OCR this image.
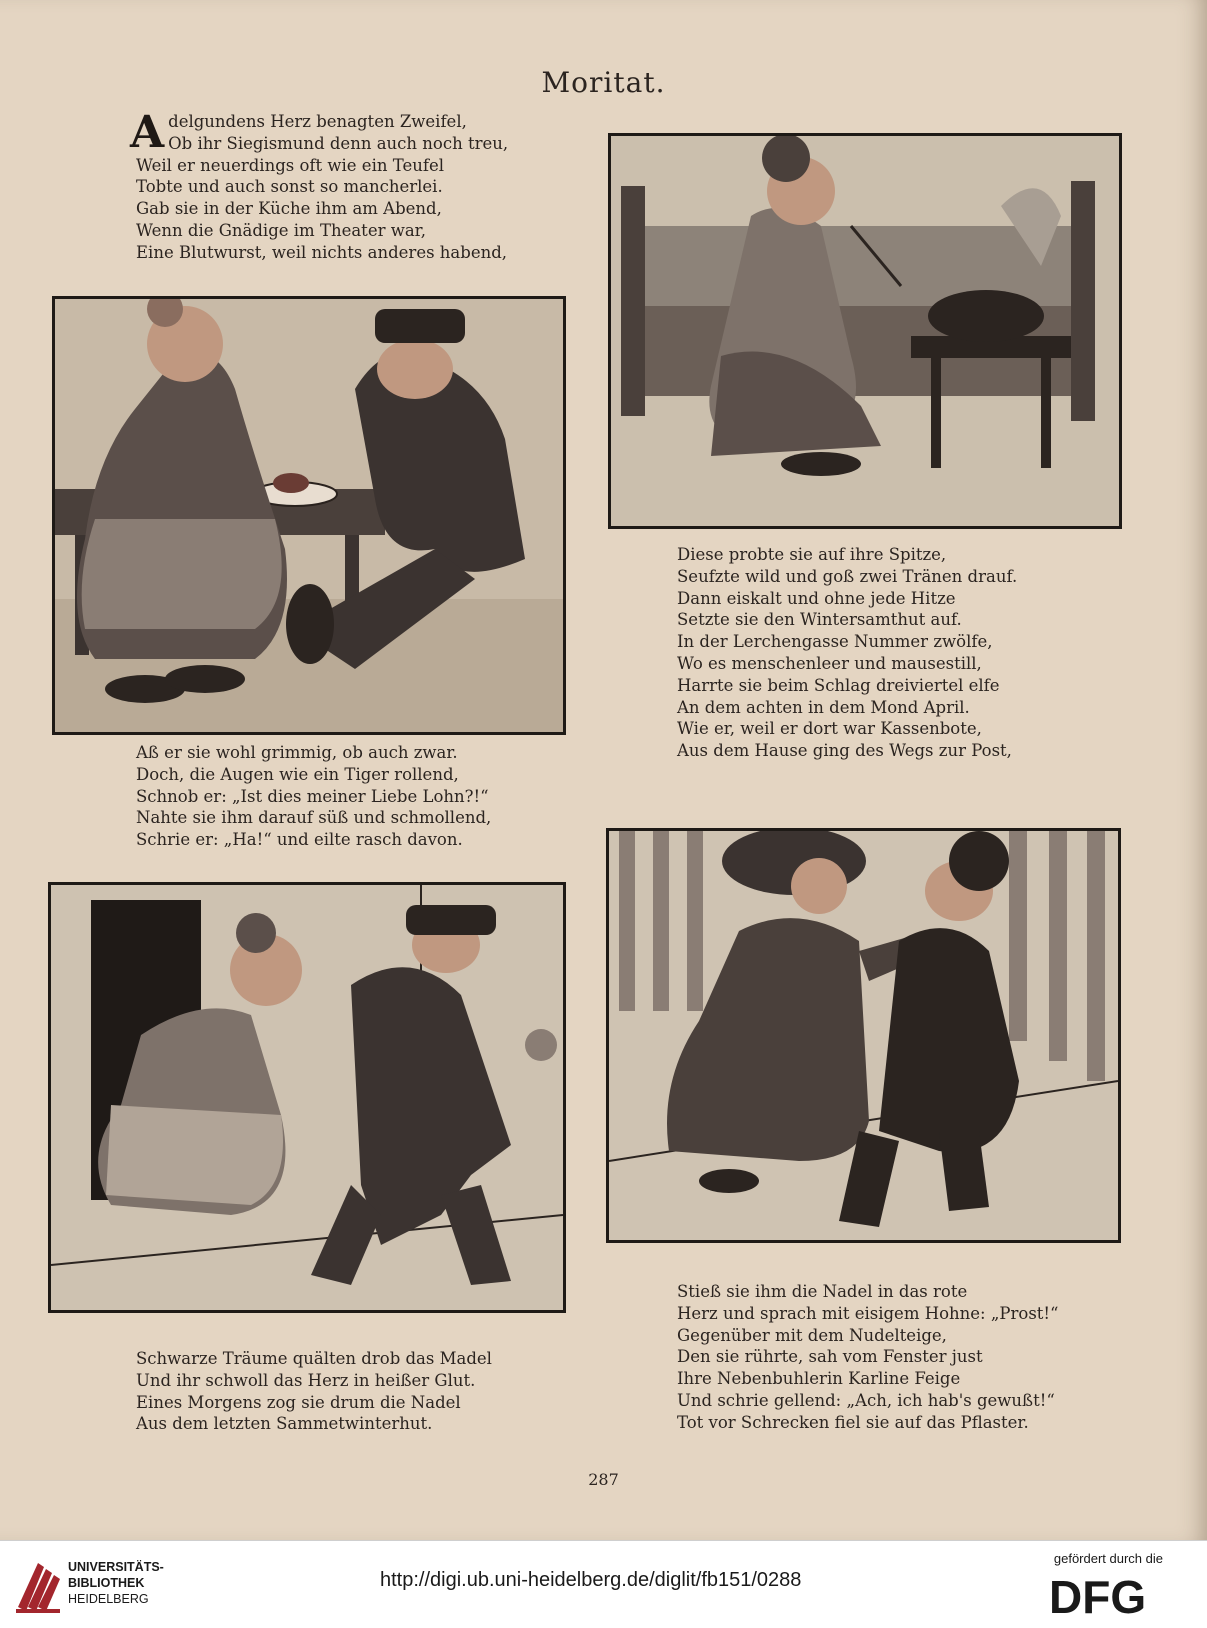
Moritat.
Adelgundens Herz benagten Zweifel,
Ob ihr Siegismund denn auch noch treu,
Weil er neuerdings oft wie ein Teufel
Tobte und auch sonst so mancherlei.
Gab sie in der Küche ihm am Abend,
Wenn die Gnädige im Theater war,
Eine Blutwurst, weil nichts anderes habend,
Aß er sie wohl grimmig, ob auch zwar.
Doch, die Augen wie ein Tiger rollend,
Schnob er: „Ist dies meiner Liebe Lohn?!“
Nahte sie ihm darauf süß und schmollend,
Schrie er: „Ha!“ und eilte rasch davon.
Diese probte sie auf ihre Spitze,
Seufzte wild und goß zwei Tränen drauf.
Dann eiskalt und ohne jede Hitze
Setzte sie den Wintersamthut auf.
In der Lerchengasse Nummer zwölfe,
Wo es menschenleer und mausestill,
Harrte sie beim Schlag dreiviertel elfe
An dem achten in dem Mond April.
Wie er, weil er dort war Kassenbote,
Aus dem Hause ging des Wegs zur Post,
Schwarze Träume quälten drob das Madel
Und ihr schwoll das Herz in heißer Glut.
Eines Morgens zog sie drum die Nadel
Aus dem letzten Sammetwinterhut.
Stieß sie ihm die Nadel in das rote
Herz und sprach mit eisigem Hohne: „Prost!“
Gegenüber mit dem Nudelteige,
Den sie rührte, sah vom Fenster just
Ihre Nebenbuhlerin Karline Feige
Und schrie gellend: „Ach, ich hab's gewußt!“
Tot vor Schrecken fiel sie auf das Pflaster.
287
UNIVERSITÄTS-
BIBLIOTHEK
HEIDELBERG
http://digi.ub.uni-heidelberg.de/diglit/fb151/0288
gefördert durch die
DFG
